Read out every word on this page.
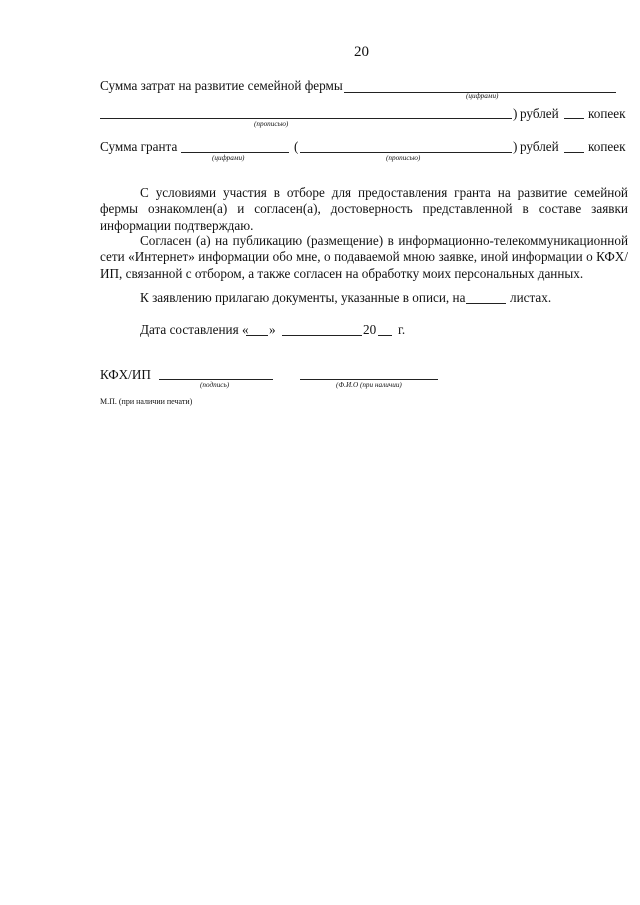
20
Сумма затрат на развитие семейной фермы
(цифрами)
) рублей копеек
(прописью)
Сумма гранта	(	) рублей копеек
(цифрами)	(прописью)
С условиями участия в отборе для предоставления гранта на развитие семейной фермы ознакомлен(а) и согласен(а), достоверность представленной в составе заявки информации подтверждаю.
Согласен (а) на публикацию (размещение) в информационно-телекоммуникационной сети «Интернет» информации обо мне, о подаваемой мною заявке, иной информации о КФХ/ИП, связанной с отбором, а также согласен на обработку моих персональных данных.
К заявлению прилагаю документы, указанные в описи, на	листах.
Дата составления « »	20 г.
КФХ/ИП
(подпись)	(Ф.И.О (при наличии)
М.П. (при наличии печати)
